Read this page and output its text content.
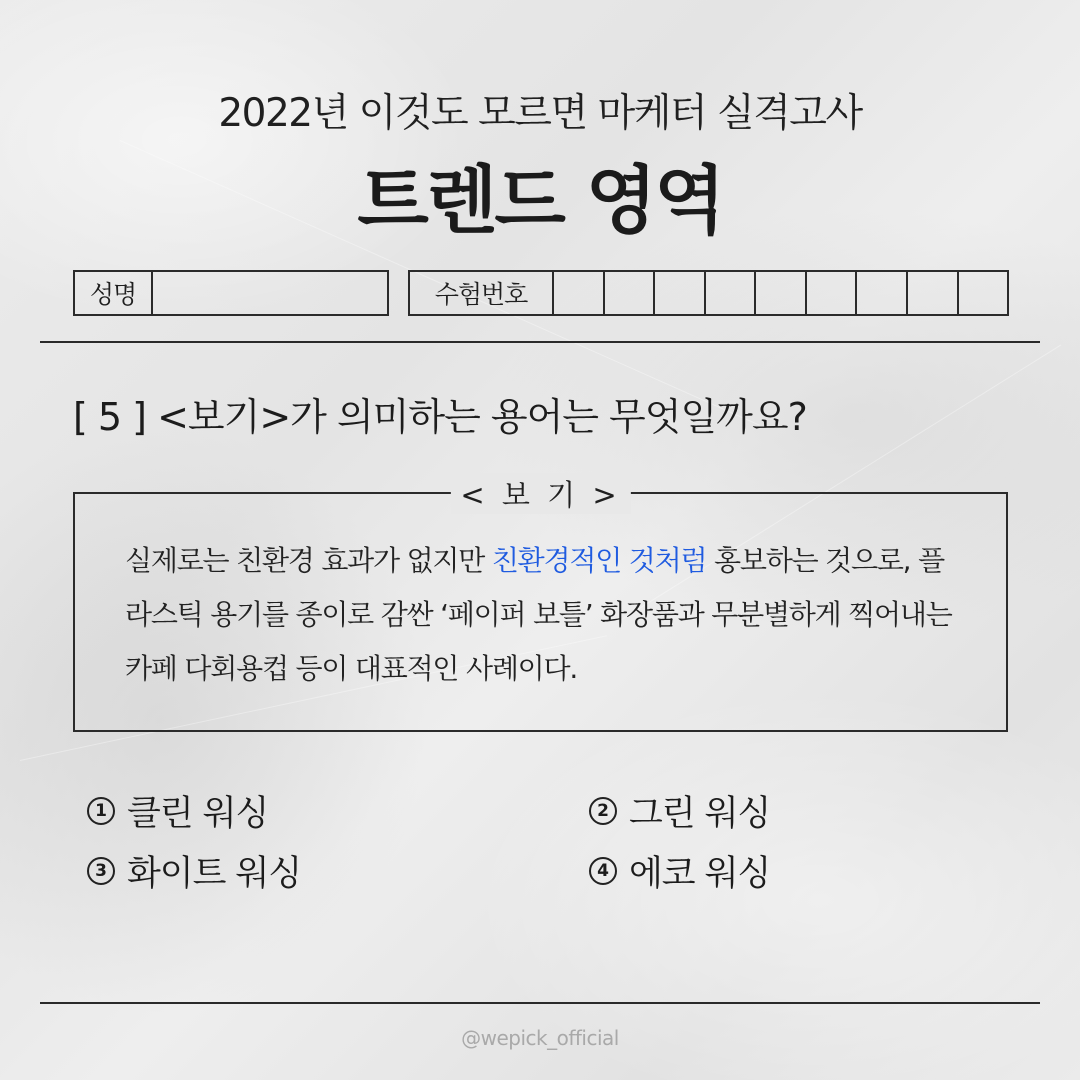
2022년 이것도 모르면 마케터 실격고사
트렌드 영역
성명	수험번호
[ 5 ] <보기>가 의미하는 용어는 무엇일까요?
< 보 기 >
실제로는 친환경 효과가 없지만 친환경적인 것처럼 홍보하는 것으로, 플라스틱 용기를 종이로 감싼 ‘페이퍼 보틀’ 화장품과 무분별하게 찍어내는 카페 다회용컵 등이 대표적인 사례이다.
1 클린 워싱	2 그린 워싱
3 화이트 워싱	4 에코 워싱
@wepick_official
